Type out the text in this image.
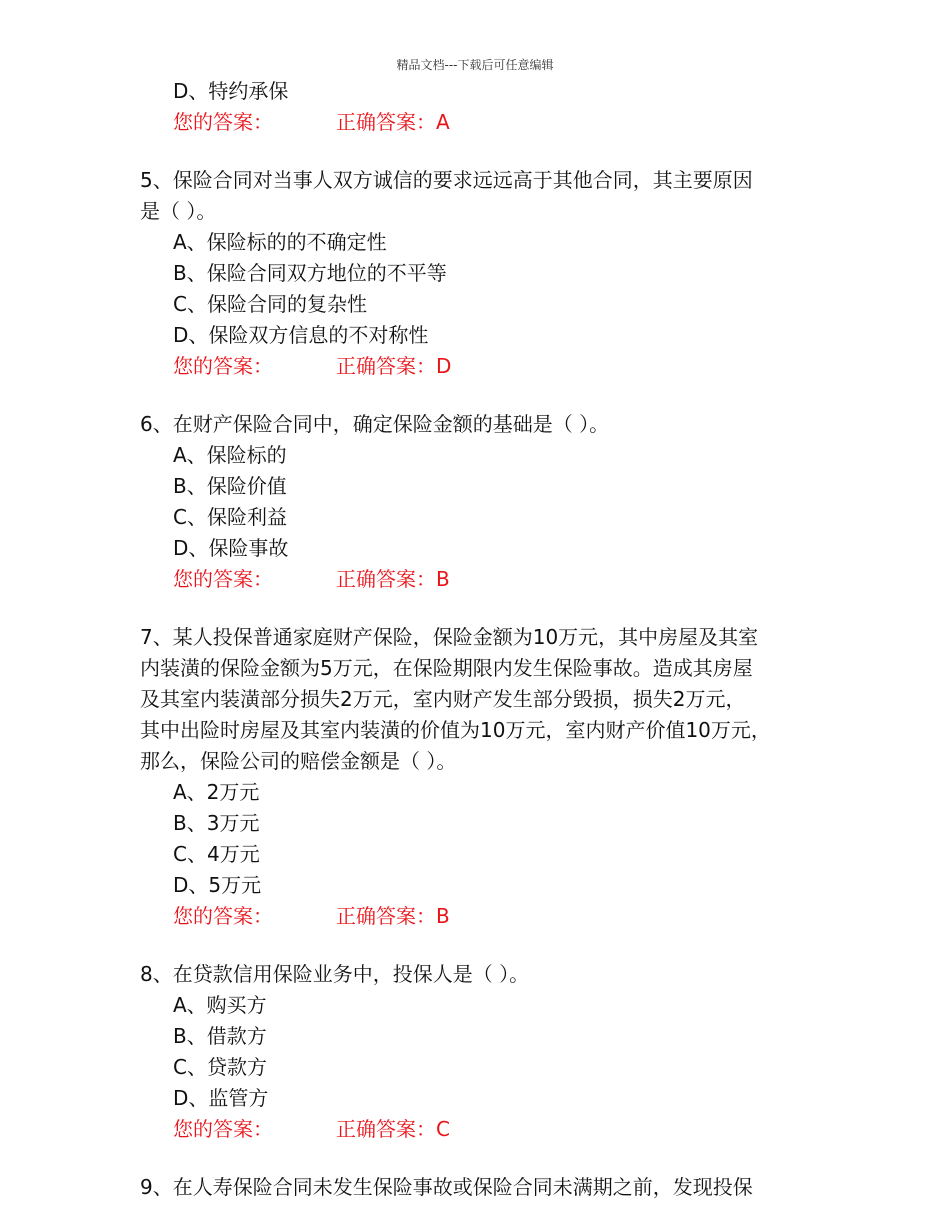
精品文档---下载后可任意编辑
D、特约承保
您的答案：	正确答案：A
5、保险合同对当事人双方诚信的要求远远高于其他合同，其主要原因
是（ ）。
A、保险标的的不确定性
B、保险合同双方地位的不平等
C、保险合同的复杂性
D、保险双方信息的不对称性
您的答案：	正确答案：D
6、在财产保险合同中，确定保险金额的基础是（ ）。
A、保险标的
B、保险价值
C、保险利益
D、保险事故
您的答案：	正确答案：B
7、某人投保普通家庭财产保险，保险金额为10万元，其中房屋及其室
内装潢的保险金额为5万元，在保险期限内发生保险事故。造成其房屋
及其室内装潢部分损失2万元，室内财产发生部分毁损，损失2万元，
其中出险时房屋及其室内装潢的价值为10万元，室内财产价值10万元，
那么，保险公司的赔偿金额是（ ）。
A、2万元
B、3万元
C、4万元
D、5万元
您的答案：	正确答案：B
8、在贷款信用保险业务中，投保人是（ ）。
A、购买方
B、借款方
C、贷款方
D、监管方
您的答案：	正确答案：C
9、在人寿保险合同未发生保险事故或保险合同未满期之前，发现投保
